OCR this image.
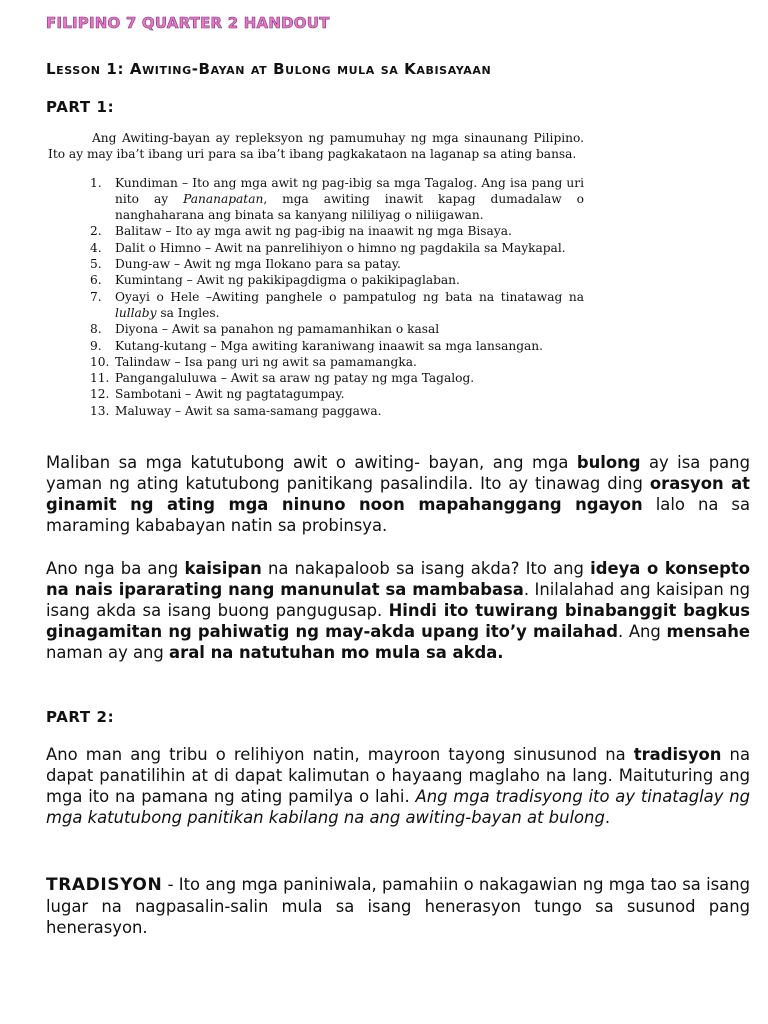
FILIPINO 7 QUARTER 2 HANDOUT
Lesson 1: Awiting-Bayan at Bulong mula sa Kabisayaan
PART 1:

Ang Awiting-bayan ay repleksyon ng pamumuhay ng mga sinaunang Pilipino. Ito ay may iba’t ibang uri para sa iba’t ibang pagkakataon na laganap sa ating bansa.

1. Kundiman – Ito ang mga awit ng pag-ibig sa mga Tagalog. Ang isa pang uri nito ay Pananapatan, mga awiting inawit kapag dumadalaw o nanghaharana ang binata sa kanyang nililiyag o niliigawan.
2. Balitaw – Ito ay mga awit ng pag-ibig na inaawit ng mga Bisaya.
4. Dalit o Himno – Awit na panrelihiyon o himno ng pagdakila sa Maykapal.
5. Dung-aw – Awit ng mga Ilokano para sa patay.
6. Kumintang – Awit ng pakikipagdigma o pakikipaglaban.
7. Oyayi o Hele –Awiting panghele o pampatulog ng bata na tinatawag na lullaby sa Ingles.
8. Diyona – Awit sa panahon ng pamamanhikan o kasal
9. Kutang-kutang – Mga awiting karaniwang inaawit sa mga lansangan.
10. Talindaw – Isa pang uri ng awit sa pamamangka.
11. Pangangaluluwa – Awit sa araw ng patay ng mga Tagalog.
12. Sambotani – Awit ng pagtatagumpay.
13. Maluway – Awit sa sama-samang paggawa.
Maliban sa mga katutubong awit o awiting- bayan, ang mga bulong ay isa pang yaman ng ating katutubong panitikang pasalindila. Ito ay tinawag ding orasyon at ginamit ng ating mga ninuno noon mapahanggang ngayon lalo na sa maraming kababayan natin sa probinsya.
Ano nga ba ang kaisipan na nakapaloob sa isang akda? Ito ang ideya o konsepto na nais ipararating nang manunulat sa mambabasa. Inilalahad ang kaisipan ng isang akda sa isang buong pangugusap. Hindi ito tuwirang binabanggit bagkus ginagamitan ng pahiwatig ng may-akda upang ito’y mailahad. Ang mensahe naman ay ang aral na natutuhan mo mula sa akda.
PART 2:
Ano man ang tribu o relihiyon natin, mayroon tayong sinusunod na tradisyon na dapat panatilihin at di dapat kalimutan o hayaang maglaho na lang. Maituturing ang mga ito na pamana ng ating pamilya o lahi. Ang mga tradisyong ito ay tinataglay ng mga katutubong panitikan kabilang na ang awiting-bayan at bulong.
TRADISYON - Ito ang mga paniniwala, pamahiin o nakagawian ng mga tao sa isang lugar na nagpasalin-salin mula sa isang henerasyon tungo sa susunod pang henerasyon.
